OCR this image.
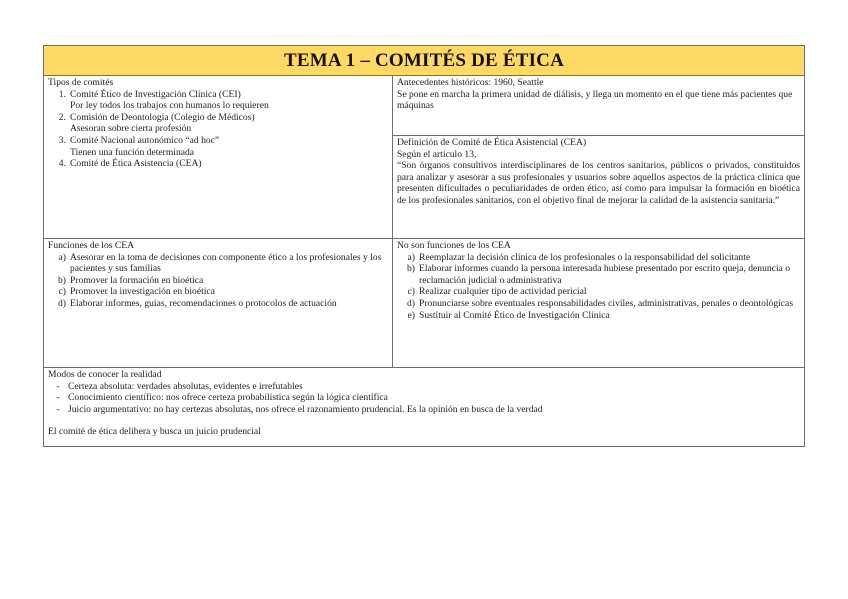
TEMA 1 – COMITÉS DE ÉTICA

Tipos de comités

1. Comité Ético de Investigación Clínica (CEI)
Por ley todos los trabajos con humanos lo requieren
2. Comisión de Deontología (Colegio de Médicos)
Asesoran sobre cierta profesión
3. Comité Nacional autonómico “ad hoc”
Tienen una función determinada
4. Comité de Ética Asistencia (CEA)

Antecedentes históricos: 1960, Seattle

Se pone en marcha la primera unidad de diálisis, y llega un momento en el que tiene más pacientes que máquinas

Definición de Comité de Ética Asistencial (CEA)

Según el artículo 13,

“Son órganos consultivos interdisciplinares de los centros sanitarios, públicos o privados, constituidos para analizar y asesorar a sus profesionales y usuarios sobre aquellos aspectos de la práctica clínica que presenten dificultades o peculiaridades de orden ético, así como para impulsar la formación en bioética de los profesionales sanitarios, con el objetivo final de mejorar la calidad de la asistencia sanitaria.”

Funciones de los CEA

a) Asesorar en la toma de decisiones con componente ético a los profesionales y los pacientes y sus familias
b) Promover la formación en bioética
c) Promover la investigación en bioética
d) Elaborar informes, guías, recomendaciones o protocolos de actuación

No son funciones de los CEA

a) Reemplazar la decisión clínica de los profesionales o la responsabilidad del solicitante
b) Elaborar informes cuando la persona interesada hubiese presentado por escrito queja, denuncia o reclamación judicial o administrativa
c) Realizar cualquier tipo de actividad pericial
d) Pronunciarse sobre eventuales responsabilidades civiles, administrativas, penales o deontológicas
e) Sustituir al Comité Ético de Investigación Clínica

Modos de conocer la realidad

- Certeza absoluta: verdades absolutas, evidentes e irrefutables
- Conocimiento científico: nos ofrece certeza probabilística según la lógica científica
- Juicio argumentativo: no hay certezas absolutas, nos ofrece el razonamiento prudencial. Es la opinión en busca de la verdad

El comité de ética delibera y busca un juicio prudencial
